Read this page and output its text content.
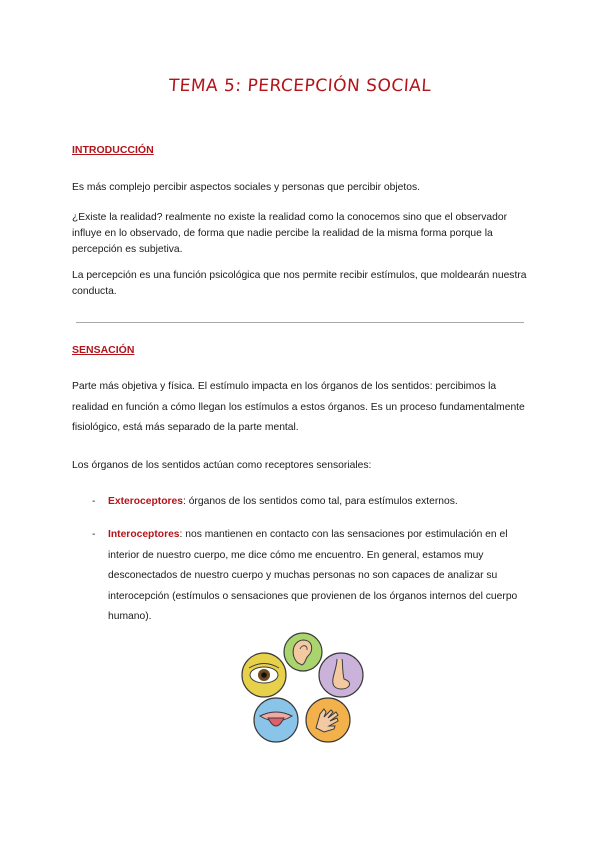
TEMA 5: PERCEPCIÓN SOCIAL
INTRODUCCIÓN

Es más complejo percibir aspectos sociales y personas que percibir objetos.

¿Existe la realidad? realmente no existe la realidad como la conocemos sino que el observador influye en lo observado, de forma que nadie percibe la realidad de la misma forma porque la percepción es subjetiva.

La percepción es una función psicológica que nos permite recibir estímulos, que moldearán nuestra conducta.

SENSACIÓN

Parte más objetiva y física. El estímulo impacta en los órganos de los sentidos: percibimos la realidad en función a cómo llegan los estímulos a estos órganos. Es un proceso fundamentalmente fisiológico, está más separado de la parte mental.

Los órganos de los sentidos actúan como receptores sensoriales:

- Exteroceptores: órganos de los sentidos como tal, para estímulos externos.
- Interoceptores: nos mantienen en contacto con las sensaciones por estimulación en el interior de nuestro cuerpo, me dice cómo me encuentro. En general, estamos muy desconectados de nuestro cuerpo y muchas personas no son capaces de analizar su interocepción (estímulos o sensaciones que provienen de los órganos internos del cuerpo humano).
